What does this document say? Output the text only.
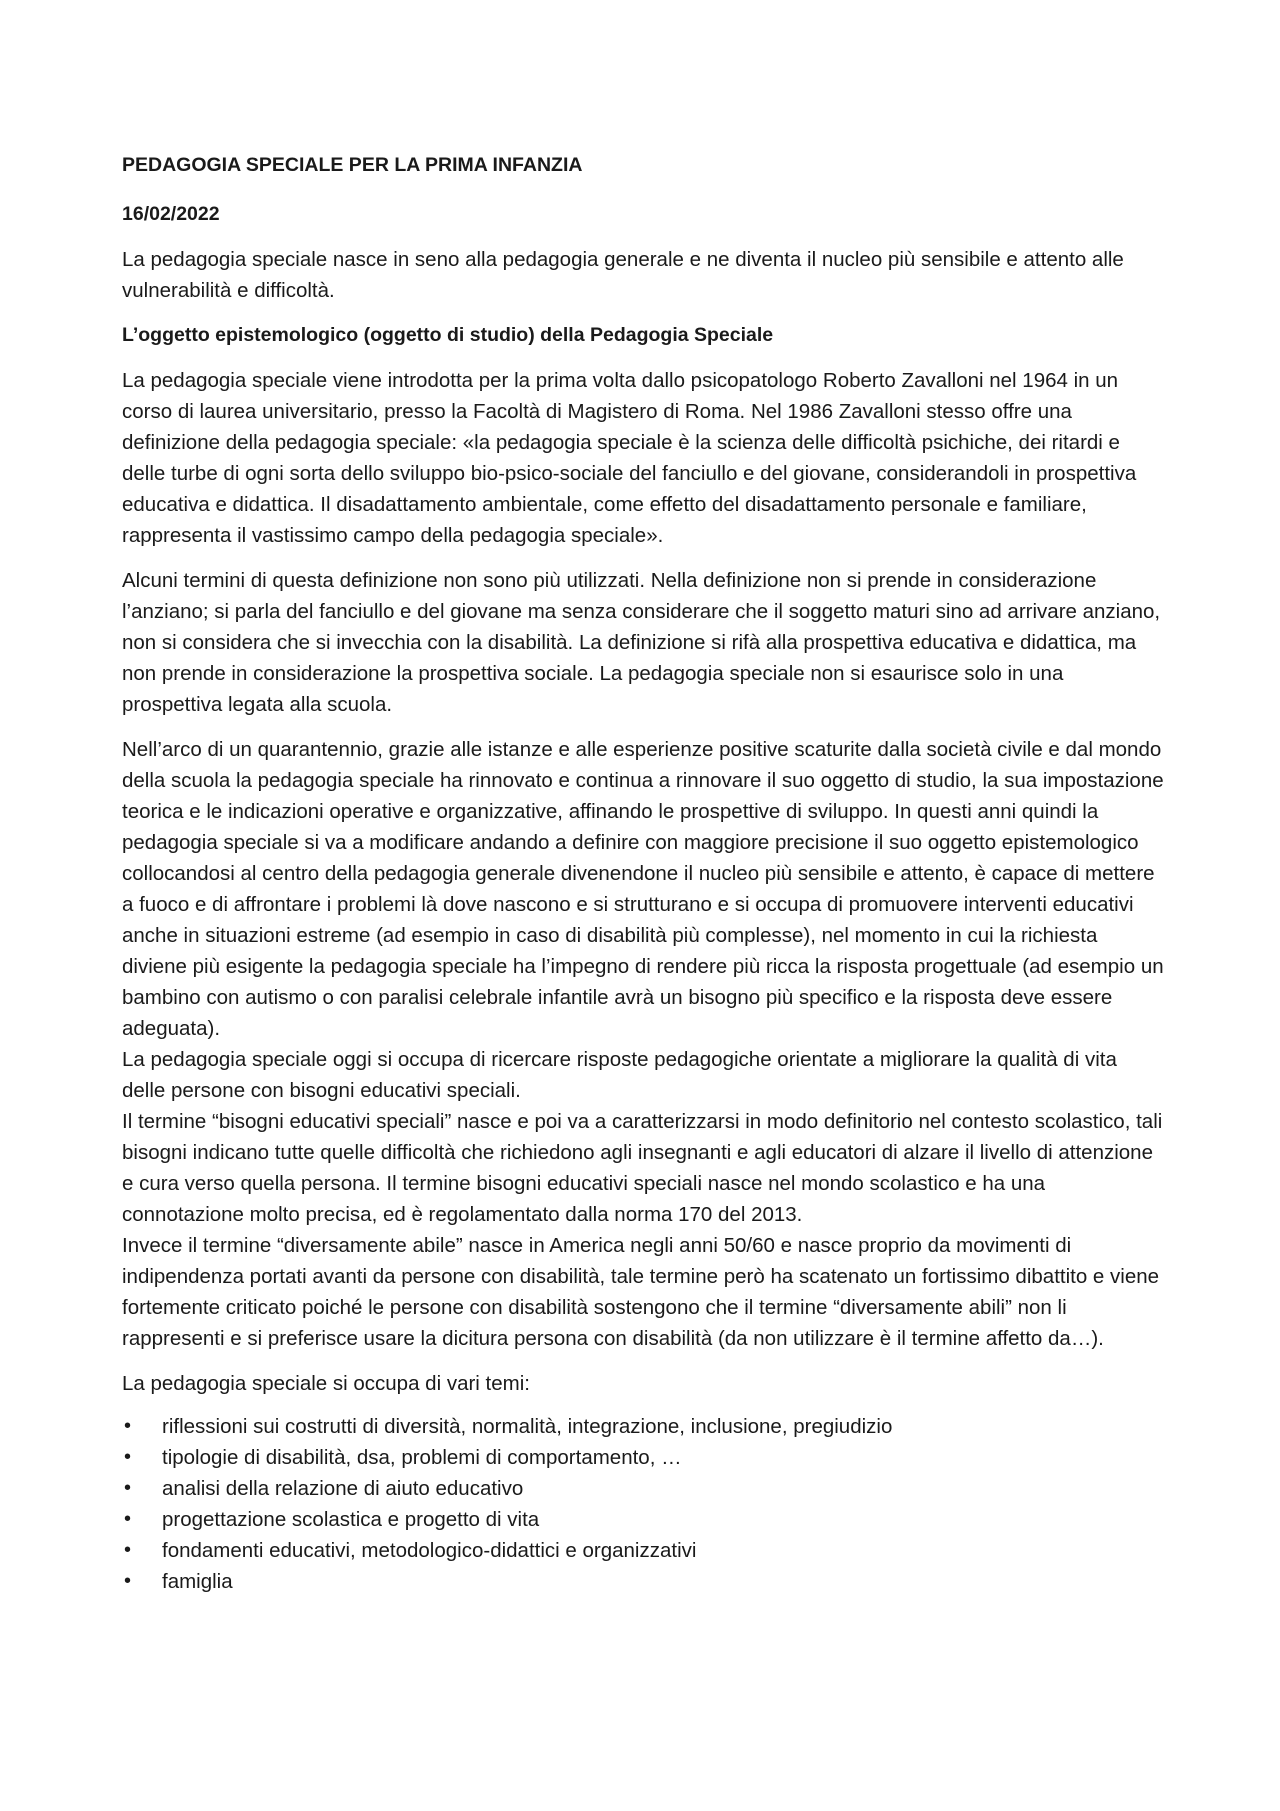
PEDAGOGIA SPECIALE PER LA PRIMA INFANZIA
16/02/2022

La pedagogia speciale nasce in seno alla pedagogia generale e ne diventa il nucleo più sensibile e attento alle vulnerabilità e difficoltà.

L’oggetto epistemologico (oggetto di studio) della Pedagogia Speciale

La pedagogia speciale viene introdotta per la prima volta dallo psicopatologo Roberto Zavalloni nel 1964 in un corso di laurea universitario, presso la Facoltà di Magistero di Roma. Nel 1986 Zavalloni stesso offre una definizione della pedagogia speciale: «la pedagogia speciale è la scienza delle difficoltà psichiche, dei ritardi e delle turbe di ogni sorta dello sviluppo bio-psico-sociale del fanciullo e del giovane, considerandoli in prospettiva educativa e didattica. Il disadattamento ambientale, come effetto del disadattamento personale e familiare, rappresenta il vastissimo campo della pedagogia speciale».

Alcuni termini di questa definizione non sono più utilizzati. Nella definizione non si prende in considerazione l’anziano; si parla del fanciullo e del giovane ma senza considerare che il soggetto maturi sino ad arrivare anziano, non si considera che si invecchia con la disabilità. La definizione si rifà alla prospettiva educativa e didattica, ma non prende in considerazione la prospettiva sociale. La pedagogia speciale non si esaurisce solo in una prospettiva legata alla scuola.

Nell’arco di un quarantennio, grazie alle istanze e alle esperienze positive scaturite dalla società civile e dal mondo della scuola la pedagogia speciale ha rinnovato e continua a rinnovare il suo oggetto di studio, la sua impostazione teorica e le indicazioni operative e organizzative, affinando le prospettive di sviluppo. In questi anni quindi la pedagogia speciale si va a modificare andando a definire con maggiore precisione il suo oggetto epistemologico collocandosi al centro della pedagogia generale divenendone il nucleo più sensibile e attento, è capace di mettere a fuoco e di affrontare i problemi là dove nascono e si strutturano e si occupa di promuovere interventi educativi anche in situazioni estreme (ad esempio in caso di disabilità più complesse), nel momento in cui la richiesta diviene più esigente la pedagogia speciale ha l’impegno di rendere più ricca la risposta progettuale (ad esempio un bambino con autismo o con paralisi celebrale infantile avrà un bisogno più specifico e la risposta deve essere adeguata).

La pedagogia speciale oggi si occupa di ricercare risposte pedagogiche orientate a migliorare la qualità di vita delle persone con bisogni educativi speciali.

Il termine “bisogni educativi speciali” nasce e poi va a caratterizzarsi in modo definitorio nel contesto scolastico, tali bisogni indicano tutte quelle difficoltà che richiedono agli insegnanti e agli educatori di alzare il livello di attenzione e cura verso quella persona. Il termine bisogni educativi speciali nasce nel mondo scolastico e ha una connotazione molto precisa, ed è regolamentato dalla norma 170 del 2013.

Invece il termine “diversamente abile” nasce in America negli anni 50/60 e nasce proprio da movimenti di indipendenza portati avanti da persone con disabilità, tale termine però ha scatenato un fortissimo dibattito e viene fortemente criticato poiché le persone con disabilità sostengono che il termine “diversamente abili” non li rappresenti e si preferisce usare la dicitura persona con disabilità (da non utilizzare è il termine affetto da…).

La pedagogia speciale si occupa di vari temi:

• riflessioni sui costrutti di diversità, normalità, integrazione, inclusione, pregiudizio
• tipologie di disabilità, dsa, problemi di comportamento, …
• analisi della relazione di aiuto educativo
• progettazione scolastica e progetto di vita
• fondamenti educativi, metodologico-didattici e organizzativi
• famiglia
